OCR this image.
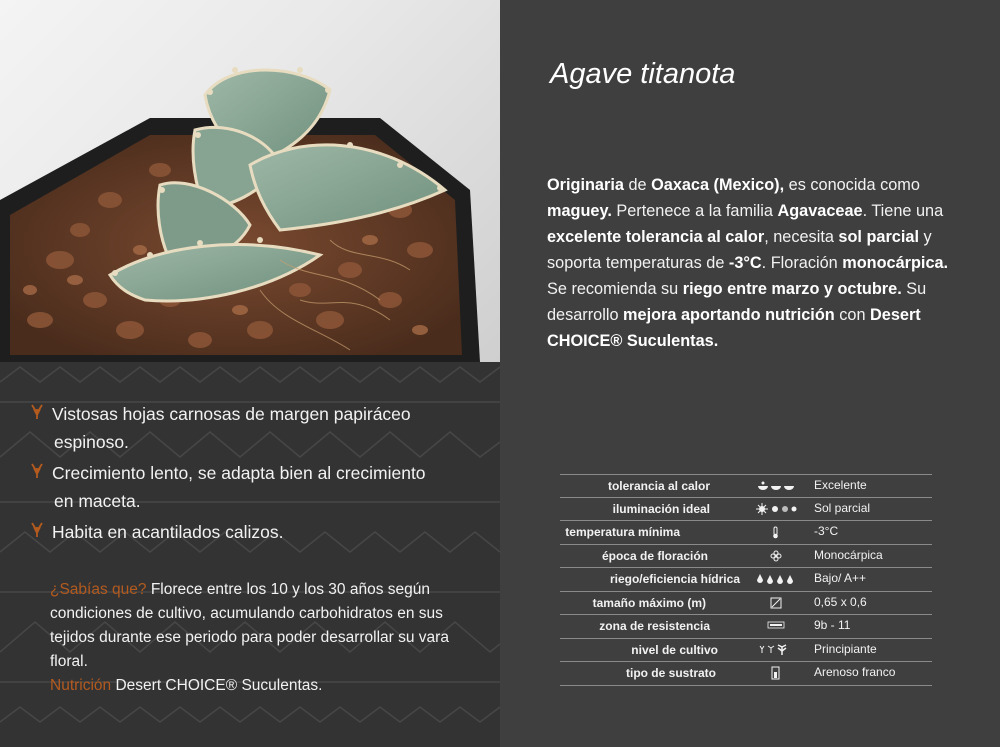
Vistosas hojas carnosas de margen papiráceo
espinoso.
Crecimiento lento, se adapta bien al crecimiento
en maceta.
Habita en acantilados calizos.
¿Sabías que? Florece entre los 10 y los 30 años según condiciones de cultivo, acumulando carbohidratos en sus tejidos durante ese periodo para poder desarrollar su vara floral.
Nutrición Desert CHOICE® Suculentas.
Agave titanota

Originaria de Oaxaca (Mexico), es conocida como maguey. Pertenece a la familia Agavaceae. Tiene una excelente tolerancia al calor, necesita sol parcial y soporta temperaturas de -3°C. Floración monocárpica. Se recomienda su riego entre marzo y octubre. Su desarrollo mejora aportando nutrición con Desert CHOICE® Suculentas.

tolerancia al calor	Excelente
iluminación ideal	Sol parcial
temperatura mínima	-3°C
época de floración	Monocárpica
riego/eficiencia hídrica	Bajo/ A++
tamaño máximo (m)	0,65 x 0,6
zona de resistencia	9b - 11
nivel de cultivo	Principiante
tipo de sustrato	Arenoso franco
